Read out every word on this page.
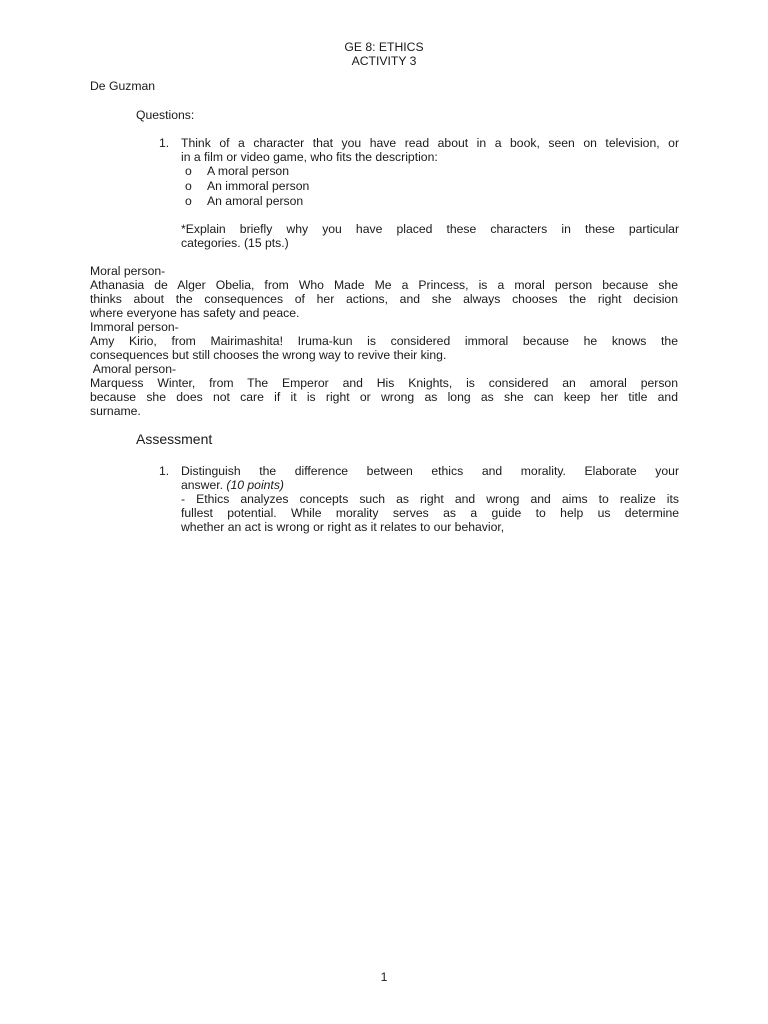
GE 8: ETHICS
ACTIVITY 3
De Guzman
Questions:
1. Think of a character that you have read about in a book, seen on television, or
in a film or video game, who fits the description:
o A moral person
o An immoral person
o An amoral person
*Explain briefly why you have placed these characters in these particular
categories. (15 pts.)
Moral person-
Athanasia de Alger Obelia, from Who Made Me a Princess, is a moral person because she
thinks about the consequences of her actions, and she always chooses the right decision
where everyone has safety and peace.
Immoral person-
Amy Kirio, from Mairimashita! Iruma-kun is considered immoral because he knows the
consequences but still chooses the wrong way to revive their king.
Amoral person-
Marquess Winter, from The Emperor and His Knights, is considered an amoral person
because she does not care if it is right or wrong as long as she can keep her title and
surname.
Assessment
1. Distinguish the difference between ethics and morality. Elaborate your
answer. (10 points)
- Ethics analyzes concepts such as right and wrong and aims to realize its
fullest potential. While morality serves as a guide to help us determine
whether an act is wrong or right as it relates to our behavior,
1
